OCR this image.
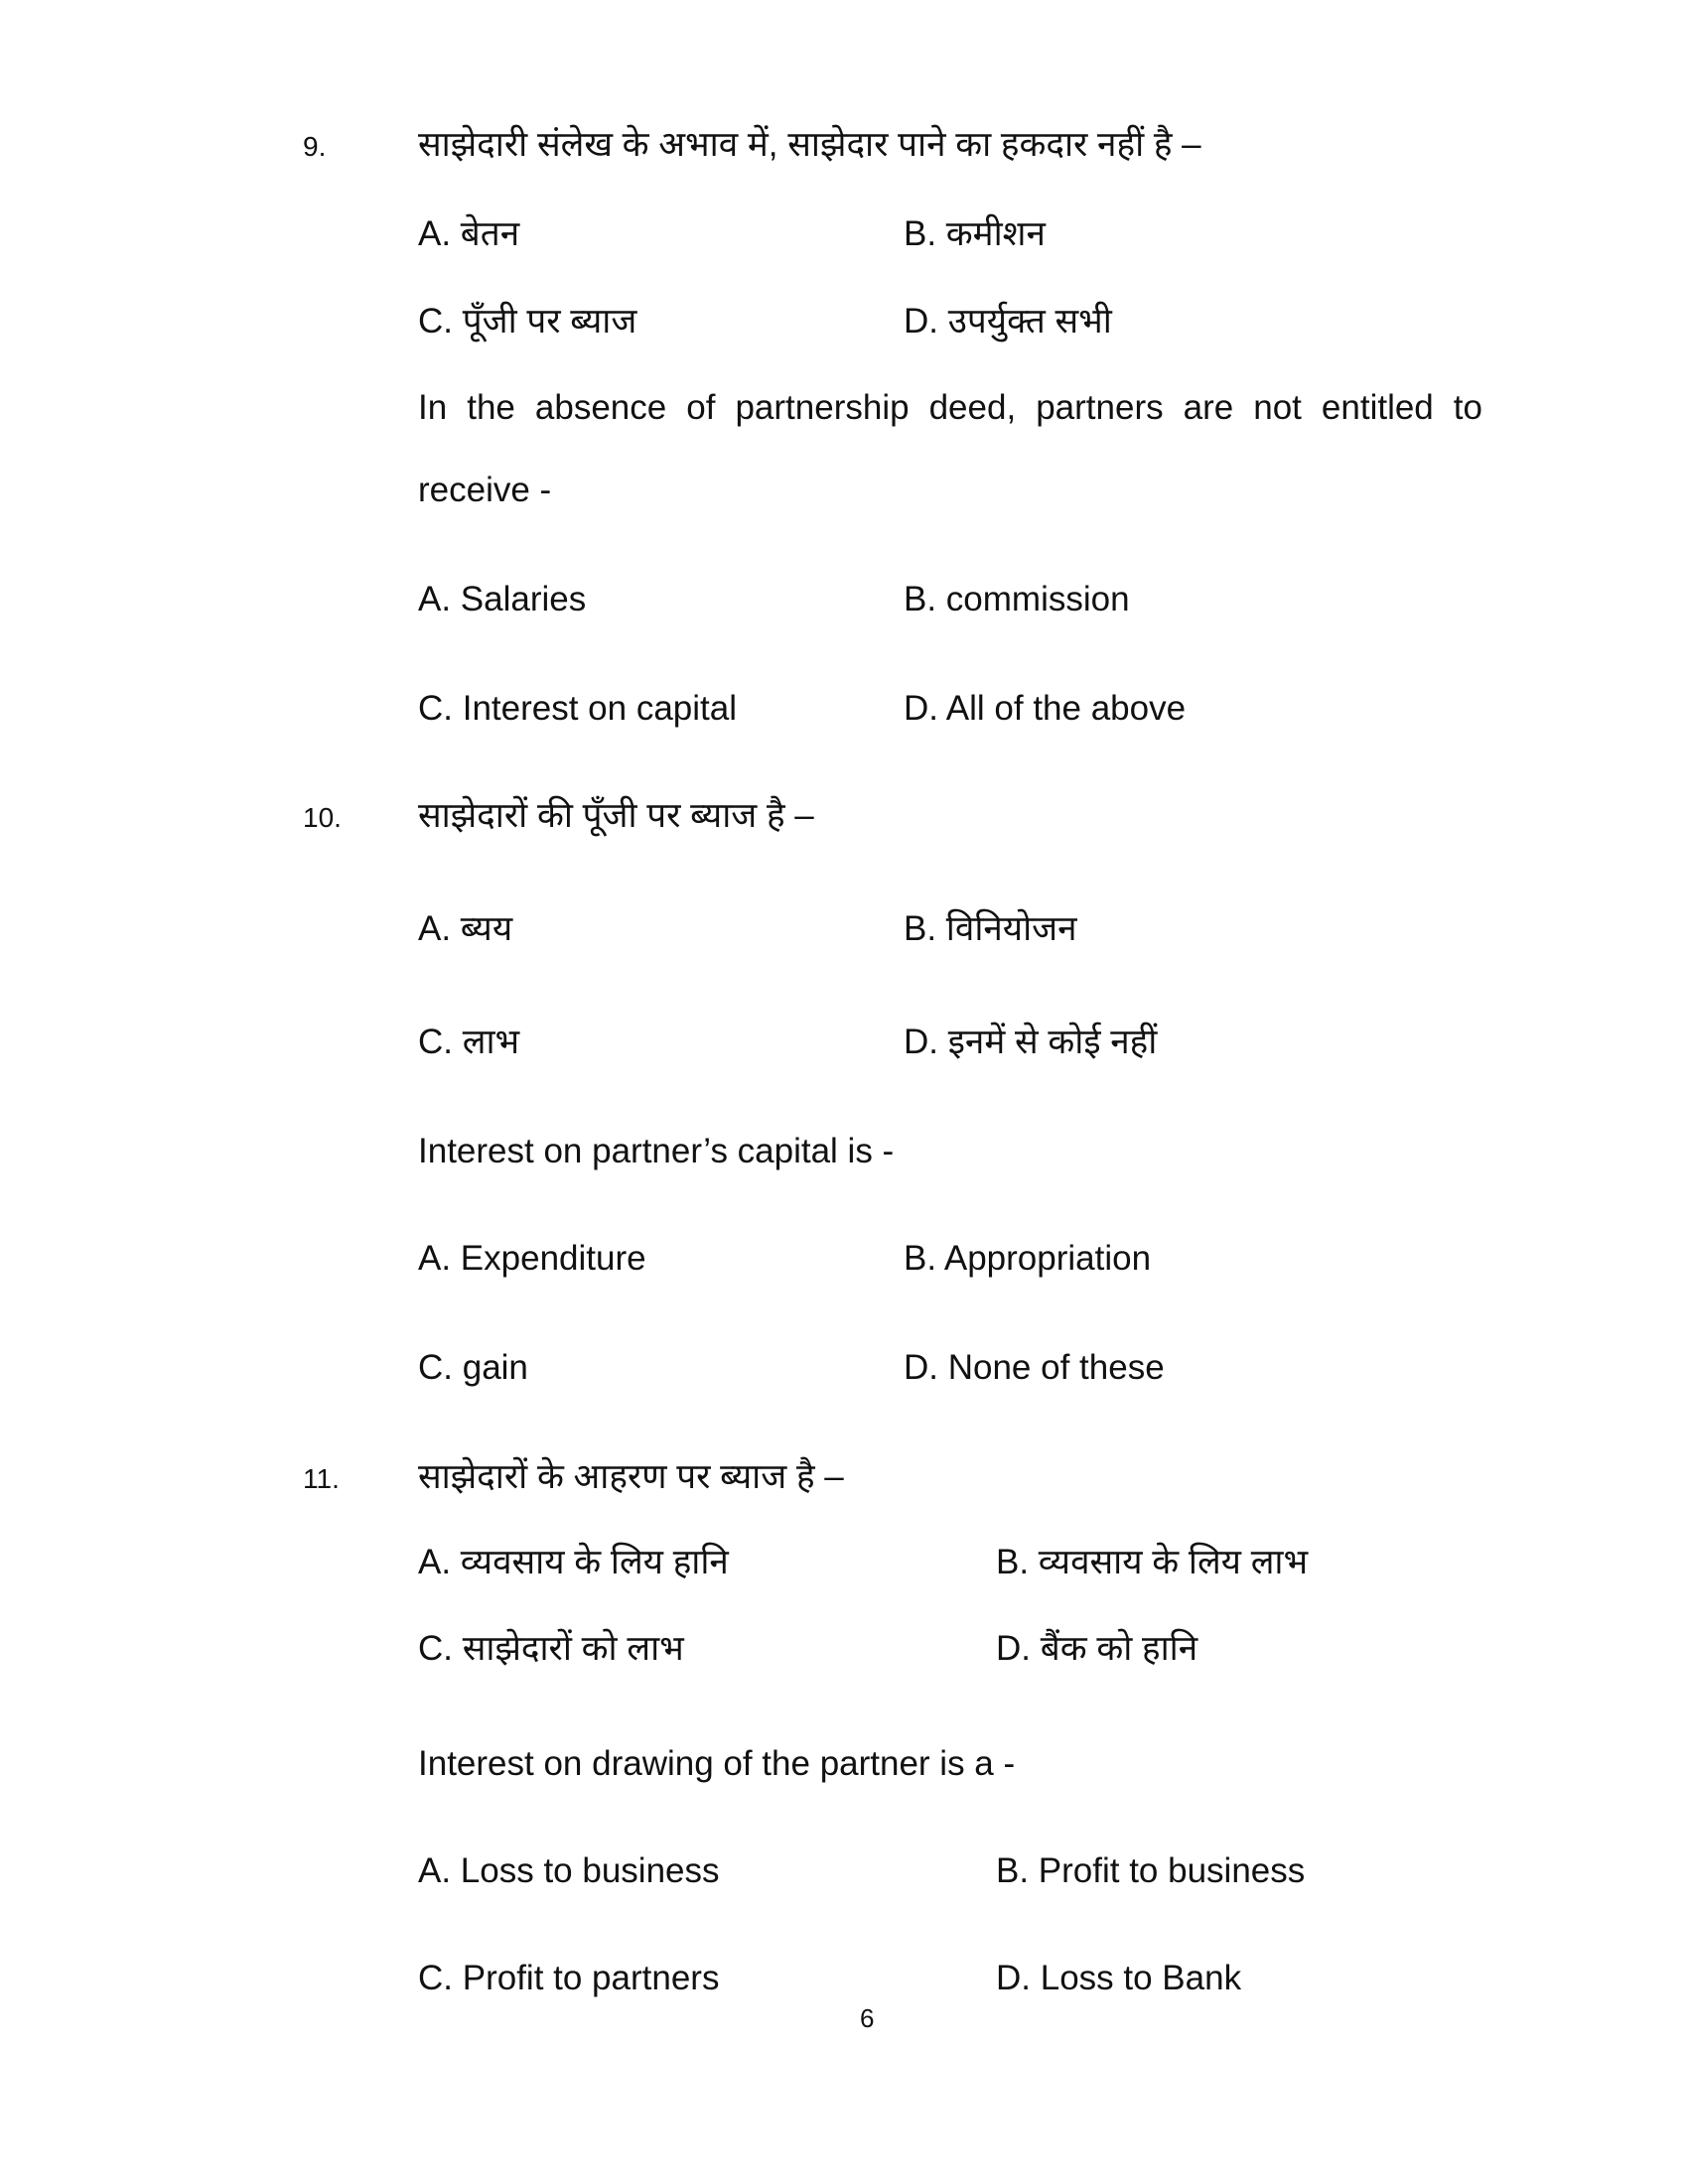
9.	साझेदारी संलेख के अभाव में, साझेदार पाने का हकदार नहीं है –
A. बेतन	B. कमीशन
C. पूँजी पर ब्याज	D. उपर्युक्त सभी
In the absence of partnership deed, partners are not entitled to
receive -
A. Salaries	B. commission
C. Interest on capital	D. All of the above
10. साझेदारों की पूँजी पर ब्याज है –
A. ब्यय	B. विनियोजन
C. लाभ	D. इनमें से कोई नहीं
Interest on partner’s capital is -
A. Expenditure	B. Appropriation
C. gain	D. None of these
11. साझेदारों के आहरण पर ब्याज है –
A. व्यवसाय के लिय हानि	B. व्यवसाय के लिय लाभ
C. साझेदारों को लाभ	D. बैंक को हानि
Interest on drawing of the partner is a -
A. Loss to business	B. Profit to business
C. Profit to partners	D. Loss to Bank
6
